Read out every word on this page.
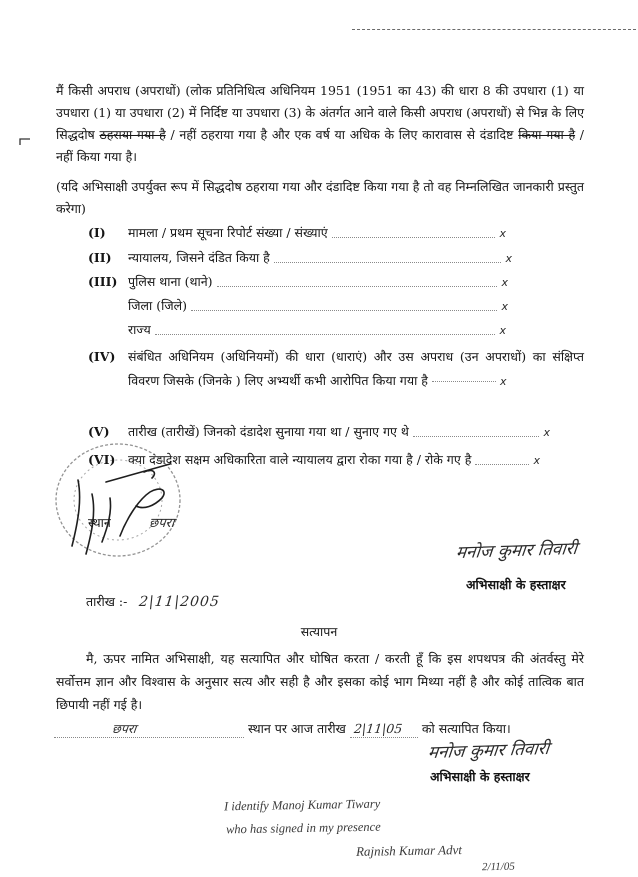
मैं किसी अपराध (अपराधों) (लोक प्रतिनिधित्व अधिनियम 1951 (1951 का 43) की धारा 8 की उपधारा (1) या उपधारा (1) या उपधारा (2) में निर्दिष्ट या उपधारा (3) के अंतर्गत आने वाले किसी अपराध (अपराधों) से भिन्न के लिए सिद्धदोष ठहराया गया है / नहीं ठहराया गया है और एक वर्ष या अधिक के लिए कारावास से दंडादिष्ट किया गया है / नहीं किया गया है।
(यदि अभिसाक्षी उपर्युक्त रूप में सिद्धदोष ठहराया गया और दंडादिष्ट किया गया है तो वह निम्नलिखित जानकारी प्रस्तुत करेगा)
(I)	मामला / प्रथम सूचना रिपोर्ट संख्या / संख्याएं	x
(II)	न्यायालय, जिसने दंडित किया है	x
(III) पुलिस थाना (थाने)	x
जिला (जिले)	x
राज्य	x
(IV)	संबंधित अधिनियम (अधिनियमों) की धारा (धाराएं) और उस अपराध (उन अपराधों) का संक्षिप्त विवरण जिसके (जिनके ) लिए अभ्यर्थी कभी आरोपित किया गया है	x
(V)	तारीख (तारीखें) जिनको दंडादेश सुनाया गया था / सुनाए गए थे	x
(VI)	क्या दंडादेश सक्षम अधिकारिता वाले न्यायालय द्वारा रोका गया है / रोके गए है	x
स्थान	छपरा
मनोज कुमार तिवारी
अभिसाक्षी के हस्ताक्षर
तारीख :- 2|11|2005
सत्यापन
मै, ऊपर नामित अभिसाक्षी, यह सत्यापित और घोषित करता / करती हूँ कि इस शपथपत्र की अंतर्वस्तु मेरे सर्वोत्तम ज्ञान और विश्वास के अनुसार सत्य और सही है और इसका कोई भाग मिथ्या नहीं है और कोई तात्विक बात छिपायी नहीं गई है।
छपरा	स्थान पर आज तारीख 2|11|05	को सत्यापित किया।
मनोज कुमार तिवारी
अभिसाक्षी के हस्ताक्षर
I identify Manoj Kumar Tiwary
who has signed in my presence
Rajnish Kumar Advt
2/11/05
